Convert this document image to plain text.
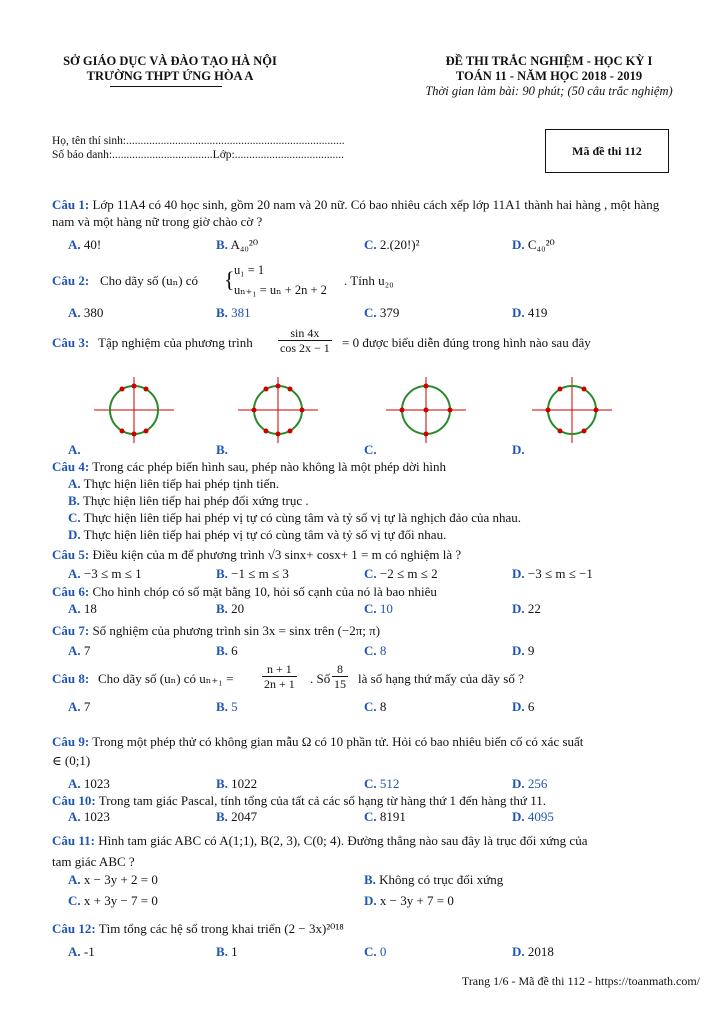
SỞ GIÁO DỤC VÀ ĐÀO TẠO HÀ NỘI
TRƯỜNG THPT ỨNG HÒA A
ĐỀ THI TRẮC NGHIỆM - HỌC KỲ I
TOÁN 11 - NĂM HỌC 2018 - 2019
Thời gian làm bài: 90 phút; (50 câu trắc nghiệm)
Họ, tên thí sinh:............................................................................
Số báo danh:...................................Lớp:......................................	Mã đề thi 112
Câu 1: Lớp 11A4 có 40 học sinh, gồm 20 nam và 20 nữ. Có bao nhiêu cách xếp lớp 11A1 thành hai hàng , một hàng nam và một hàng nữ trong giờ chào cờ ?
A. 40!	B. A₄₀²⁰	C. 2.(20!)²	D. C₄₀²⁰
Câu 2: Cho dãy số (uₙ) có { u₁ = 1
uₙ₊₁ = uₙ + 2n + 2
. Tính u₂₀
A. 380	B. 381	C. 379	D. 419
Câu 3: Tập nghiệm của phương trình $\frac{\sin 4x}{\cos 2x - 1} = 0$ được biểu diễn đúng trong hình nào sau đây
A.	B.	C.	D.
Câu 4: Trong các phép biến hình sau, phép nào không là một phép dời hình
A. Thực hiện liên tiếp hai phép tịnh tiến.
B. Thực hiện liên tiếp hai phép đối xứng trục .
C. Thực hiện liên tiếp hai phép vị tự có cùng tâm và tỷ số vị tự là nghịch đảo của nhau.
D. Thực hiện liên tiếp hai phép vị tự có cùng tâm và tỷ số vị tự đối nhau.
Câu 5: Điều kiện của m để phương trình √3 sinx+ cosx+ 1 = m có nghiệm là ?
A. −3 ≤ m ≤ 1	B. −1 ≤ m ≤ 3	C. −2 ≤ m ≤ 2	D. −3 ≤ m ≤ −1
Câu 6: Cho hình chóp có số mặt bằng 10, hỏi số cạnh của nó là bao nhiêu
A. 18	B. 20	C. 10	D. 22
Câu 7: Số nghiệm của phương trình sin 3x = sinx trên (−2π; π)
A. 7	B. 6	C. 8	D. 9
Câu 8: Cho dãy số (uₙ) có $u_{n+1} = \frac{n + 1}{2n + 1}$ . Số $\frac{8}{15}$ là số hạng thứ mấy của dãy số ?
A. 7	B. 5	C. 8	D. 6
Câu 9: Trong một phép thử có không gian mẫu Ω có 10 phần tử. Hỏi có bao nhiêu biến cố có xác suất
∈ (0;1)
A. 1023	B. 1022	C. 512	D. 256
Câu 10: Trong tam giác Pascal, tính tổng của tất cả các số hạng từ hàng thứ 1 đến hàng thứ 11.
A. 1023	B. 2047	C. 8191	D. 4095
Câu 11: Hình tam giác ABC có A(1;1), B(2, 3), C(0; 4). Đường thẳng nào sau đây là trục đối xứng của
tam giác ABC ?
A. x − 3y + 2 = 0	B. Không có trục đối xứng
C. x + 3y − 7 = 0	D. x − 3y + 7 = 0
Câu 12: Tìm tổng các hệ số trong khai triển (2 − 3x)²⁰¹⁸
A. -1	B. 1	C. 0	D. 2018
Trang 1/6 - Mã đề thi 112 - https://toanmath.com/
